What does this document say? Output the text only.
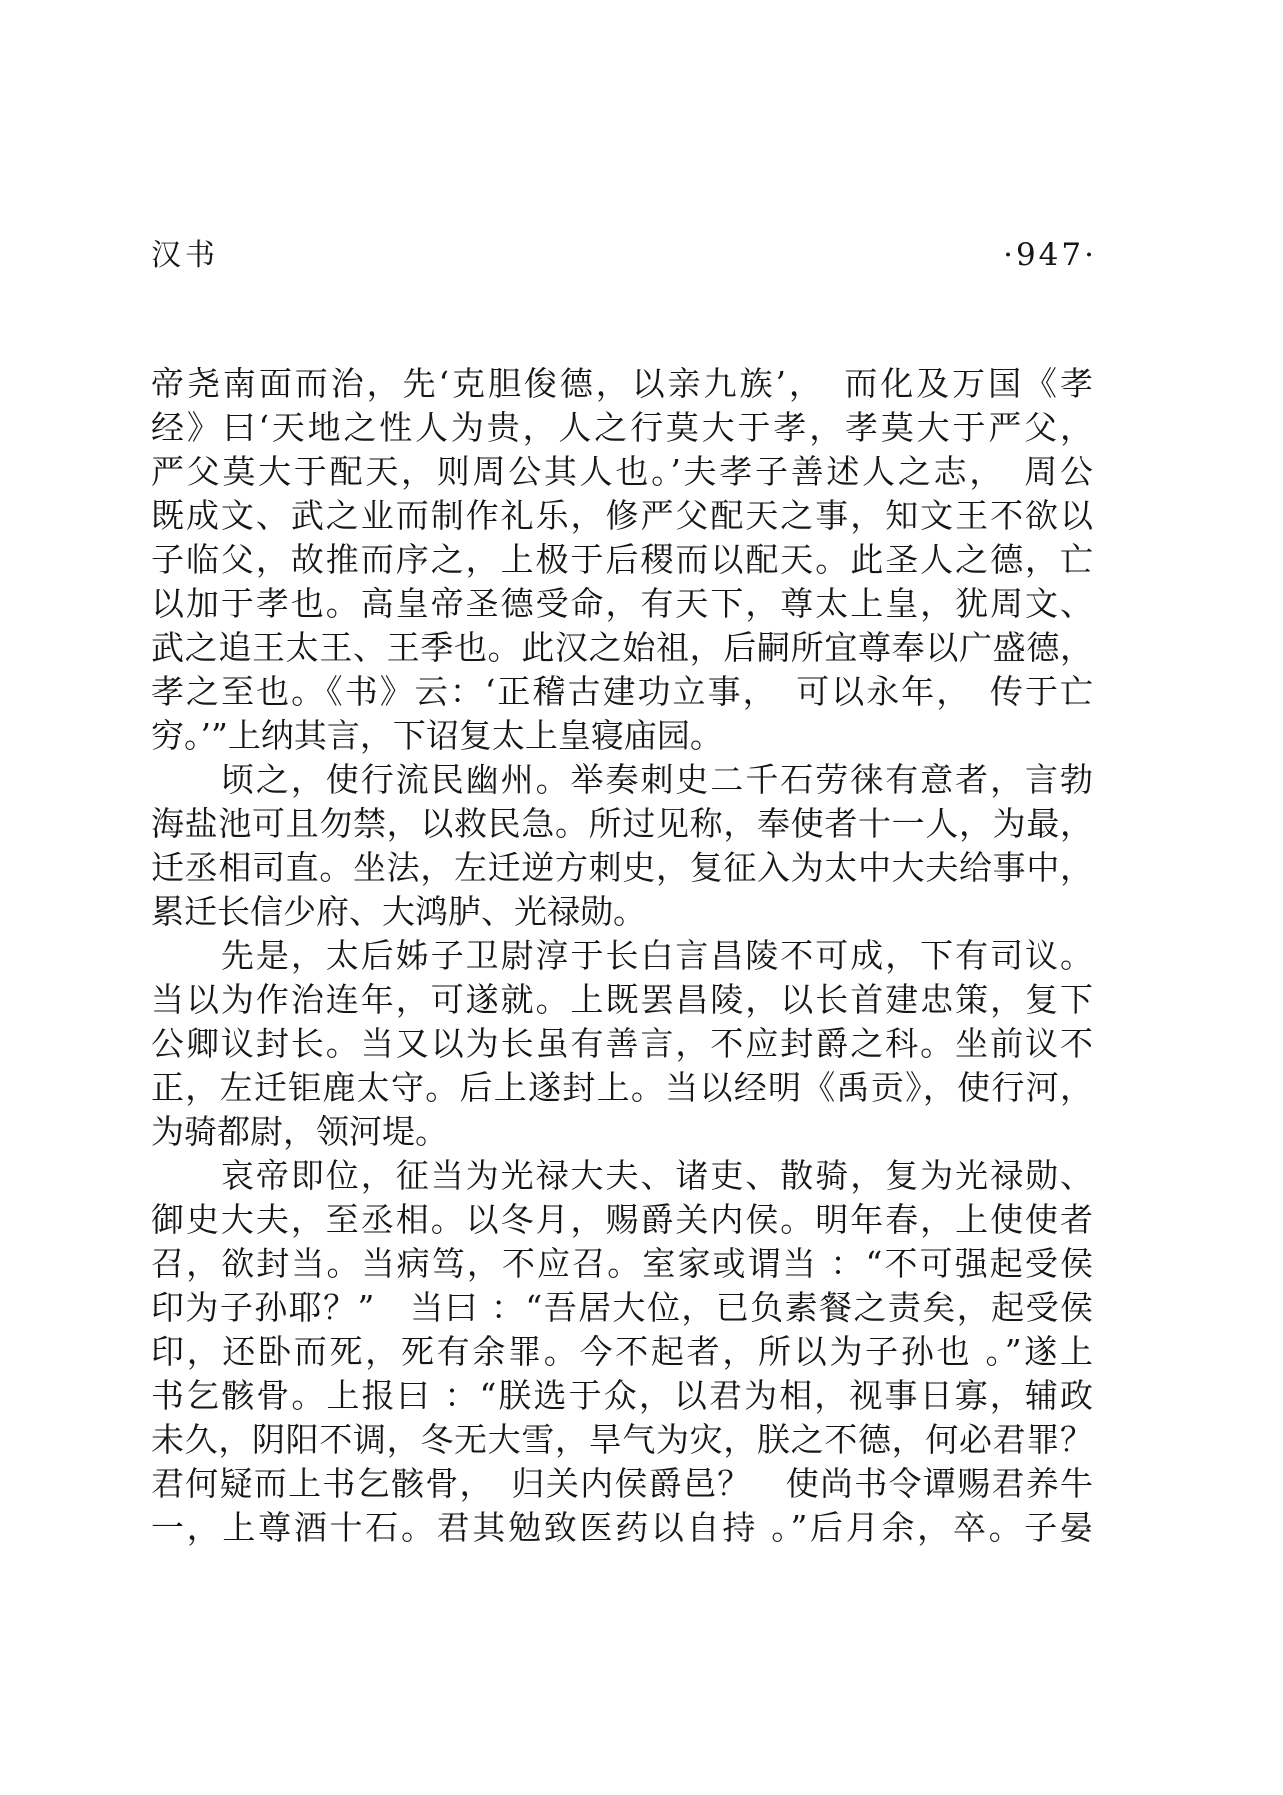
汉书	·947·
帝尧南面而治，先‘克胆俊德，以亲九族’，　而化及万国《孝
经》曰‘天地之性人为贵，人之行莫大于孝，孝莫大于严父，
严父莫大于配天，则周公其人也。’夫孝子善述人之志，　周公
既成文、武之业而制作礼乐，修严父配天之事，知文王不欲以
子临父，故推而序之，上极于后稷而以配天。此圣人之德，亡
以加于孝也。高皇帝圣德受命，有天下，尊太上皇，犹周文、
武之追王太王、王季也。此汉之始祖，后嗣所宜尊奉以广盛德，
孝之至也。《书》云：‘正稽古建功立事，　可以永年，　传于亡
穷。’”上纳其言，下诏复太上皇寝庙园。
　　顷之，使行流民幽州。举奏刺史二千石劳徕有意者，言勃
海盐池可且勿禁，以救民急。所过见称，奉使者十一人，为最，
迁丞相司直。坐法，左迁逆方刺史，复征入为太中大夫给事中，
累迁长信少府、大鸿胪、光禄勋。
　　先是，太后姊子卫尉淳于长白言昌陵不可成，下有司议。
当以为作治连年，可遂就。上既罢昌陵，以长首建忠策，复下
公卿议封长。当又以为长虽有善言，不应封爵之科。坐前议不
正，左迁钜鹿太守。后上遂封上。当以经明《禹贡》，使行河，
为骑都尉，领河堤。
　　哀帝即位，征当为光禄大夫、诸吏、散骑，复为光禄勋、
御史大夫，至丞相。以冬月，赐爵关内侯。明年春，上使使者
召，欲封当。当病笃，不应召。室家或谓当 ：“不可强起受侯
印为子孙耶？”　当曰 ：“吾居大位，已负素餐之责矣，起受侯
印，还卧而死，死有余罪。今不起者，所以为子孙也 。”遂上
书乞骸骨。上报曰 ：“朕选于众，以君为相，视事日寡，辅政
未久，阴阳不调，冬无大雪，旱气为灾，朕之不德，何必君罪？
君何疑而上书乞骸骨，　归关内侯爵邑？　使尚书令谭赐君养牛
一，上尊酒十石。君其勉致医药以自持 。”后月余，卒。子晏
